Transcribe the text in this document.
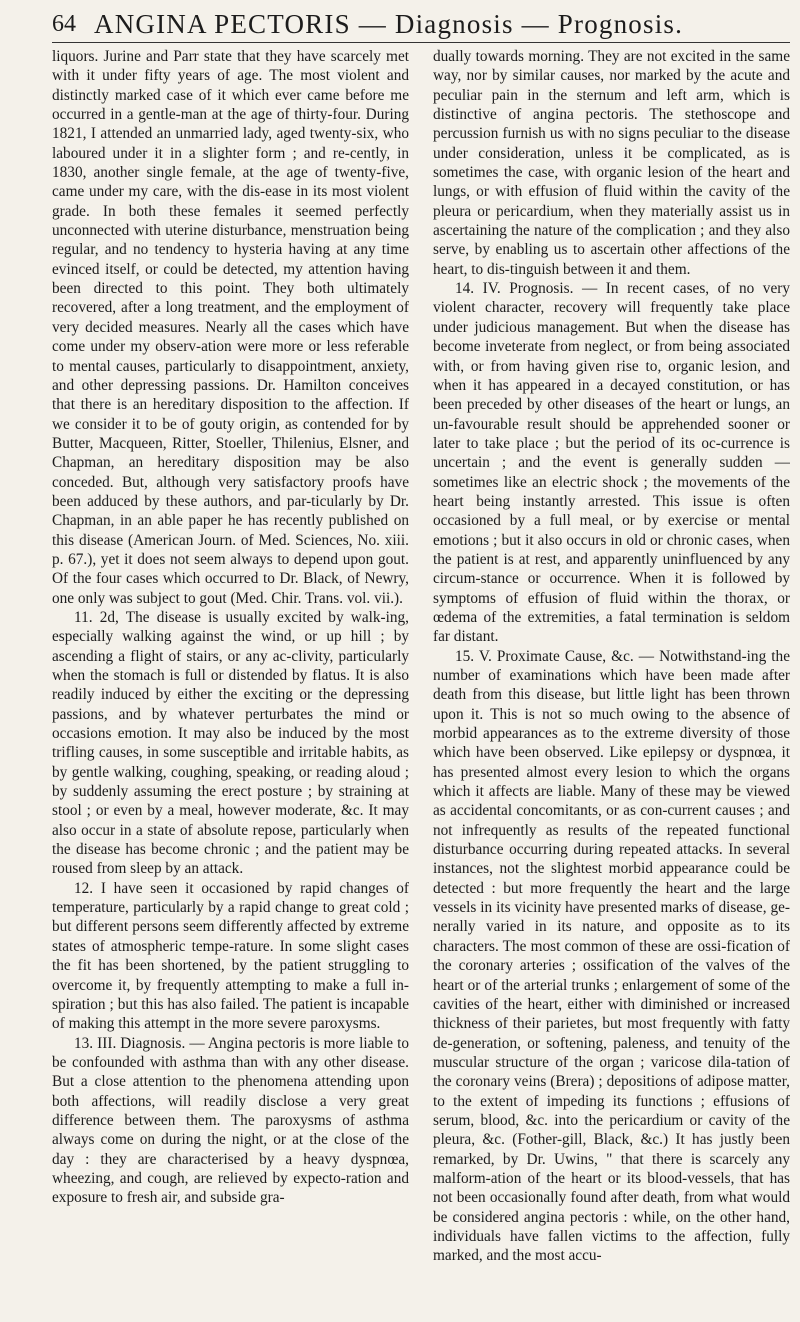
64 ANGINA PECTORIS — Diagnosis — Prognosis.

liquors. Jurine and Parr state that they have scarcely met with it under fifty years of age. The most violent and distinctly marked case of it which ever came before me occurred in a gentle-man at the age of thirty-four. During 1821, I attended an unmarried lady, aged twenty-six, who laboured under it in a slighter form ; and re-cently, in 1830, another single female, at the age of twenty-five, came under my care, with the dis-ease in its most violent grade. In both these females it seemed perfectly unconnected with uterine disturbance, menstruation being regular, and no tendency to hysteria having at any time evinced itself, or could be detected, my attention having been directed to this point. They both ultimately recovered, after a long treatment, and the employment of very decided measures. Nearly all the cases which have come under my observ-ation were more or less referable to mental causes, particularly to disappointment, anxiety, and other depressing passions. Dr. Hamilton conceives that there is an hereditary disposition to the affection. If we consider it to be of gouty origin, as contended for by Butter, Macqueen, Ritter, Stoeller, Thilenius, Elsner, and Chapman, an hereditary disposition may be also conceded. But, although very satisfactory proofs have been adduced by these authors, and par-ticularly by Dr. Chapman, in an able paper he has recently published on this disease (American Journ. of Med. Sciences, No. xiii. p. 67.), yet it does not seem always to depend upon gout. Of the four cases which occurred to Dr. Black, of Newry, one only was subject to gout (Med. Chir. Trans. vol. vii.).

11. 2d, The disease is usually excited by walk-ing, especially walking against the wind, or up hill ; by ascending a flight of stairs, or any ac-clivity, particularly when the stomach is full or distended by flatus. It is also readily induced by either the exciting or the depressing passions, and by whatever perturbates the mind or occasions emotion. It may also be induced by the most trifling causes, in some susceptible and irritable habits, as by gentle walking, coughing, speaking, or reading aloud ; by suddenly assuming the erect posture ; by straining at stool ; or even by a meal, however moderate, &c. It may also occur in a state of absolute repose, particularly when the disease has become chronic ; and the patient may be roused from sleep by an attack.

12. I have seen it occasioned by rapid changes of temperature, particularly by a rapid change to great cold ; but different persons seem differently affected by extreme states of atmospheric tempe-rature. In some slight cases the fit has been shortened, by the patient struggling to overcome it, by frequently attempting to make a full in-spiration ; but this has also failed. The patient is incapable of making this attempt in the more severe paroxysms.

13. III. Diagnosis. — Angina pectoris is more liable to be confounded with asthma than with any other disease. But a close attention to the phenomena attending upon both affections, will readily disclose a very great difference between them. The paroxysms of asthma always come on during the night, or at the close of the day : they are characterised by a heavy dyspnœa, wheezing, and cough, are relieved by expecto-ration and exposure to fresh air, and subside gra-

dually towards morning. They are not excited in the same way, nor by similar causes, nor marked by the acute and peculiar pain in the sternum and left arm, which is distinctive of angina pectoris. The stethoscope and percussion furnish us with no signs peculiar to the disease under consideration, unless it be complicated, as is sometimes the case, with organic lesion of the heart and lungs, or with effusion of fluid within the cavity of the pleura or pericardium, when they materially assist us in ascertaining the nature of the complication ; and they also serve, by enabling us to ascertain other affections of the heart, to dis-tinguish between it and them.

14. IV. Prognosis. — In recent cases, of no very violent character, recovery will frequently take place under judicious management. But when the disease has become inveterate from neglect, or from being associated with, or from having given rise to, organic lesion, and when it has appeared in a decayed constitution, or has been preceded by other diseases of the heart or lungs, an un-favourable result should be apprehended sooner or later to take place ; but the period of its oc-currence is uncertain ; and the event is generally sudden — sometimes like an electric shock ; the movements of the heart being instantly arrested. This issue is often occasioned by a full meal, or by exercise or mental emotions ; but it also occurs in old or chronic cases, when the patient is at rest, and apparently uninfluenced by any circum-stance or occurrence. When it is followed by symptoms of effusion of fluid within the thorax, or œdema of the extremities, a fatal termination is seldom far distant.

15. V. Proximate Cause, &c. — Notwithstand-ing the number of examinations which have been made after death from this disease, but little light has been thrown upon it. This is not so much owing to the absence of morbid appearances as to the extreme diversity of those which have been observed. Like epilepsy or dyspnœa, it has presented almost every lesion to which the organs which it affects are liable. Many of these may be viewed as accidental concomitants, or as con-current causes ; and not infrequently as results of the repeated functional disturbance occurring during repeated attacks. In several instances, not the slightest morbid appearance could be detected : but more frequently the heart and the large vessels in its vicinity have presented marks of disease, ge-nerally varied in its nature, and opposite as to its characters. The most common of these are ossi-fication of the coronary arteries ; ossification of the valves of the heart or of the arterial trunks ; enlargement of some of the cavities of the heart, either with diminished or increased thickness of their parietes, but most frequently with fatty de-generation, or softening, paleness, and tenuity of the muscular structure of the organ ; varicose dila-tation of the coronary veins (Brera) ; depositions of adipose matter, to the extent of impeding its functions ; effusions of serum, blood, &c. into the pericardium or cavity of the pleura, &c. (Fother-gill, Black, &c.) It has justly been remarked, by Dr. Uwins, " that there is scarcely any malform-ation of the heart or its blood-vessels, that has not been occasionally found after death, from what would be considered angina pectoris : while, on the other hand, individuals have fallen victims to the affection, fully marked, and the most accu-
